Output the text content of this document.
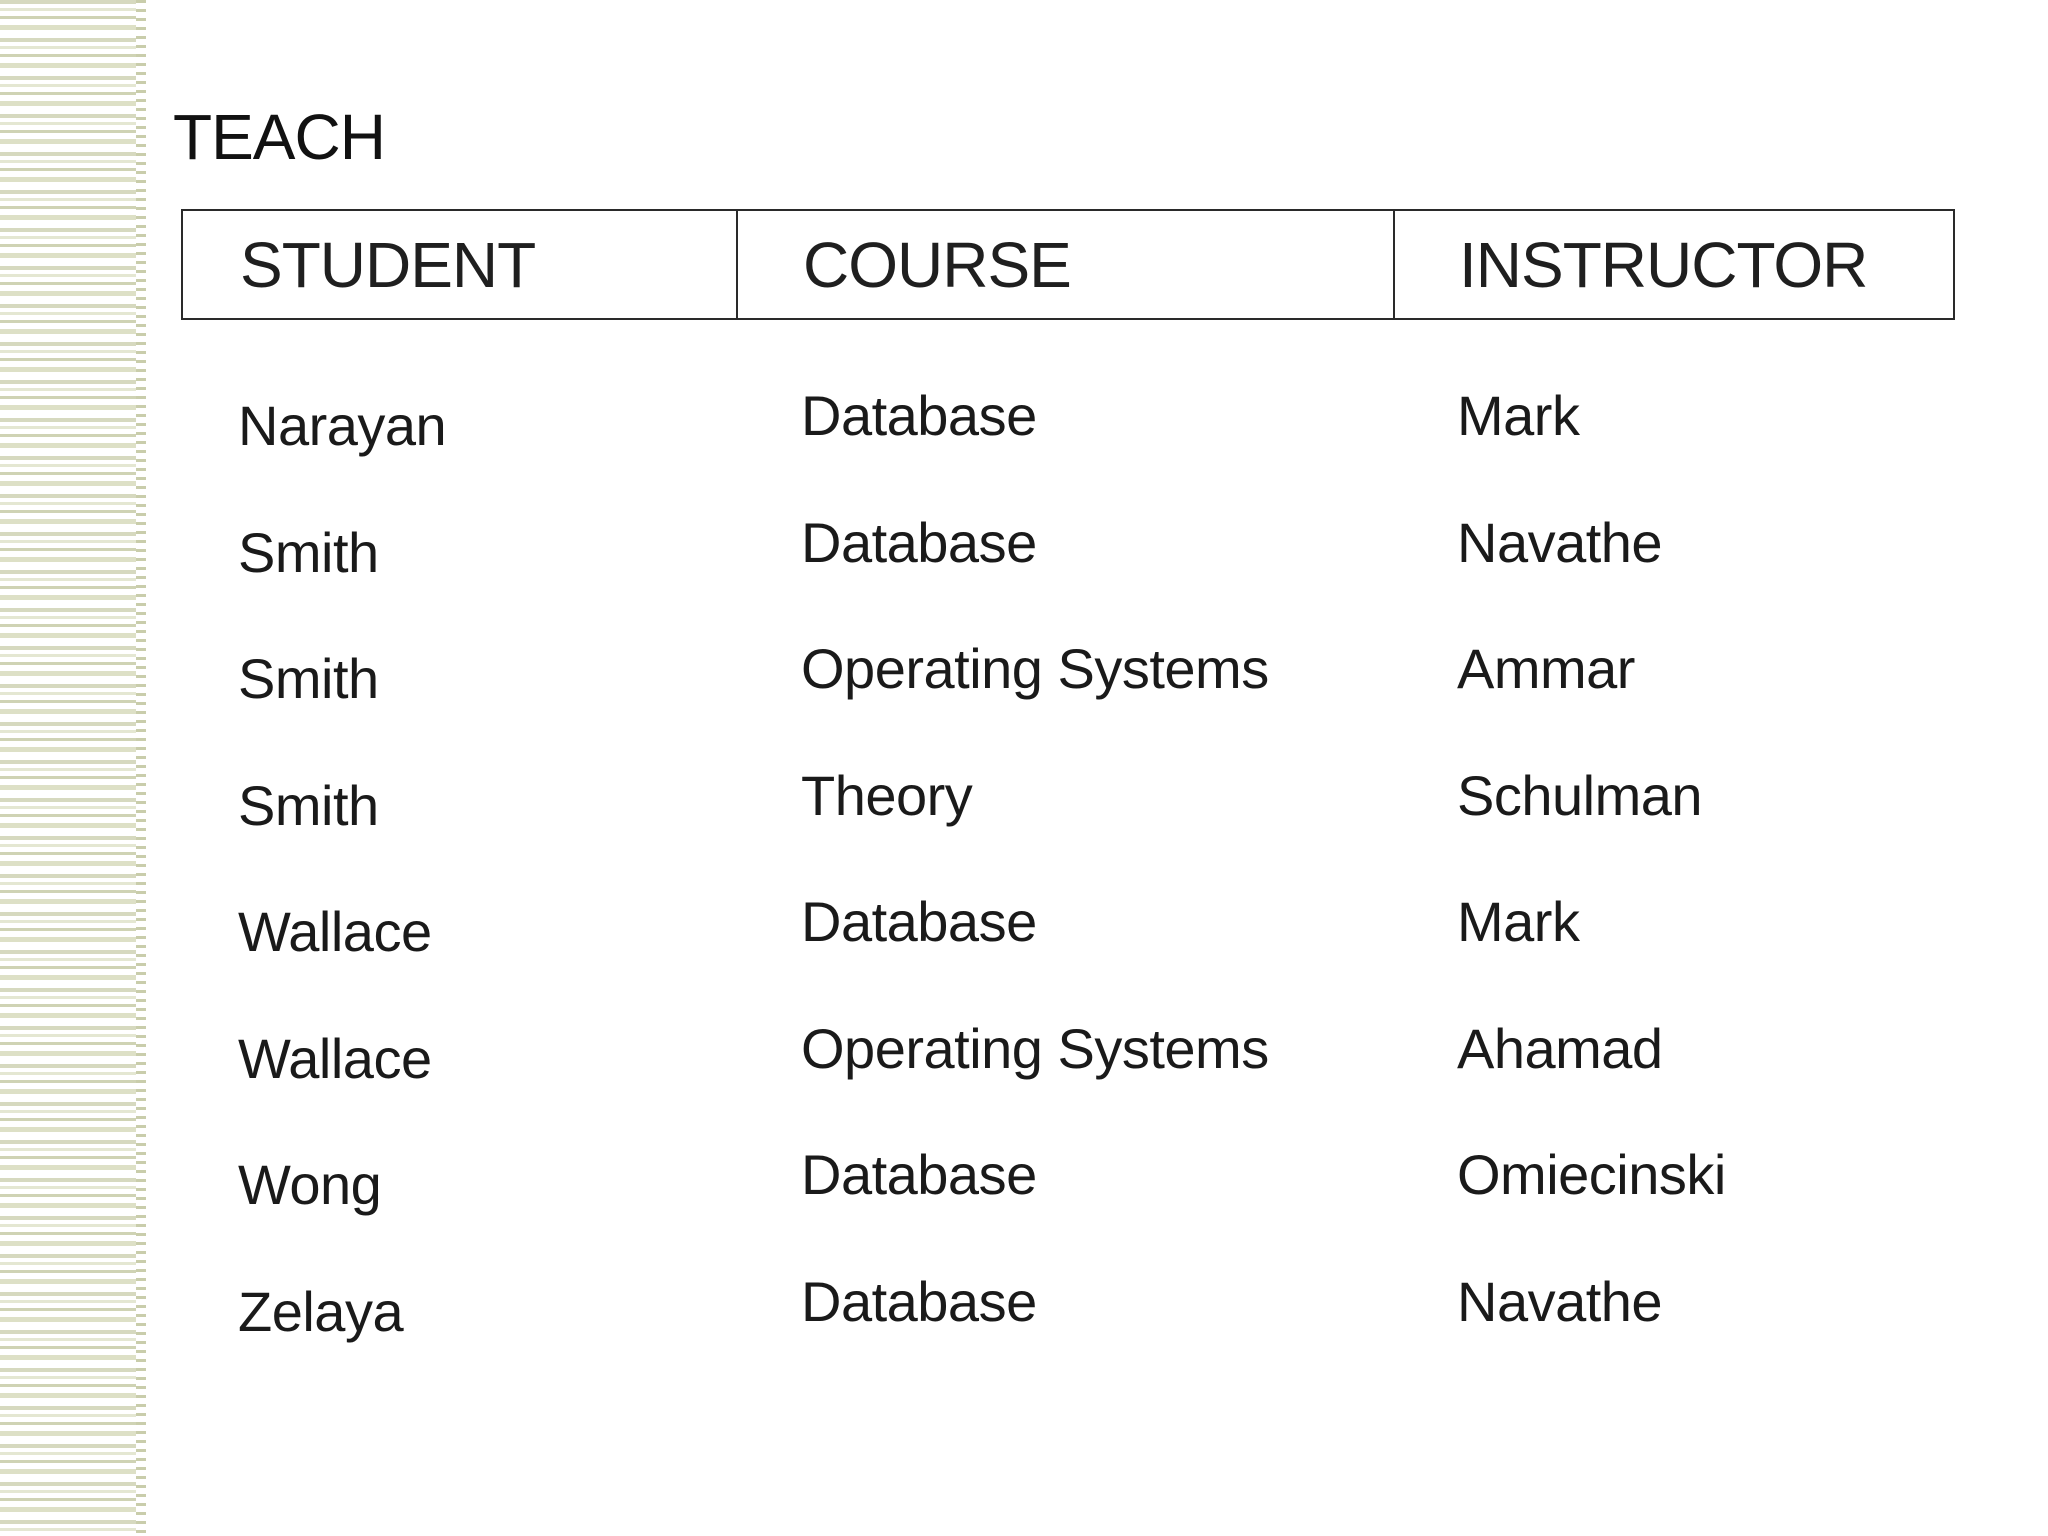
TEACH
STUDENT	COURSE	INSTRUCTOR
Narayan	Database	Mark
Smith	Database	Navathe
Smith	Operating Systems	Ammar
Smith	Theory	Schulman
Wallace	Database	Mark
Wallace	Operating Systems	Ahamad
Wong	Database	Omiecinski
Zelaya	Database	Navathe
